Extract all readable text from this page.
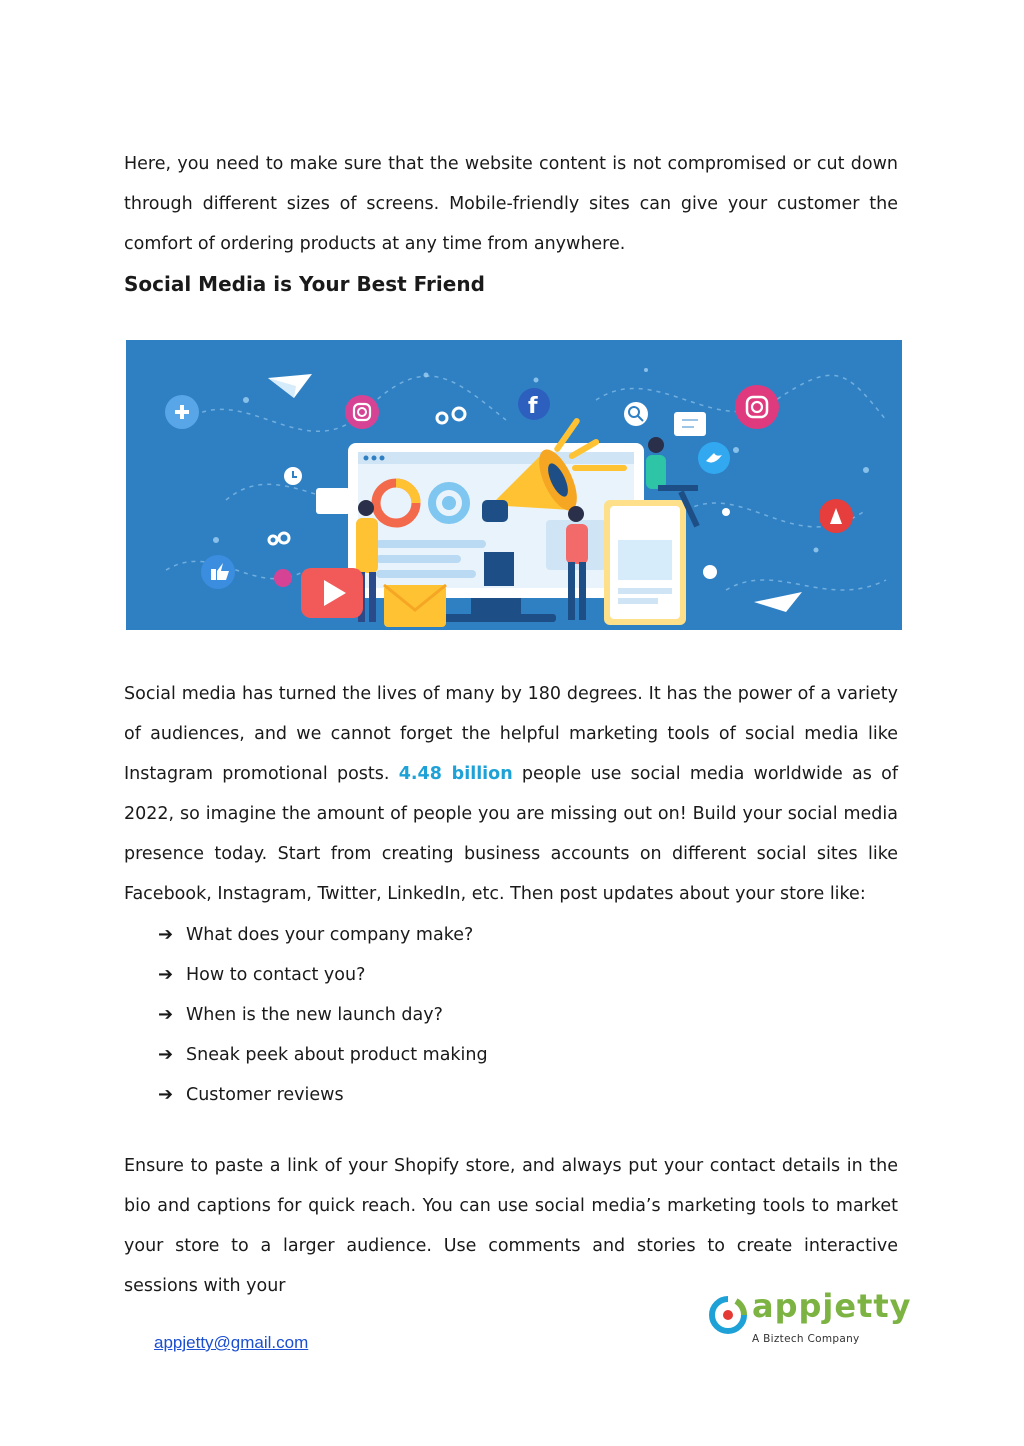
Here, you need to make sure that the website content is not compromised or cut down through different sizes of screens. Mobile-friendly sites can give your customer the comfort of ordering products at any time from anywhere.

Social Media is Your Best Friend
f

Social media has turned the lives of many by 180 degrees. It has the power of a variety of audiences, and we cannot forget the helpful marketing tools of social media like Instagram promotional posts. 4.48 billion people use social media worldwide as of 2022, so imagine the amount of people you are missing out on! Build your social media presence today. Start from creating business accounts on different social sites like Facebook, Instagram, Twitter, LinkedIn, etc. Then post updates about your store like:

➔ What does your company make?
➔ How to contact you?
➔ When is the new launch day?
➔ Sneak peek about product making
➔ Customer reviews

Ensure to paste a link of your Shopify store, and always put your contact details in the bio and captions for quick reach. You can use social media’s marketing tools to market your store to a larger audience. Use comments and stories to create interactive sessions with your

appjetty@gmail.com
appjetty
A Biztech Company
